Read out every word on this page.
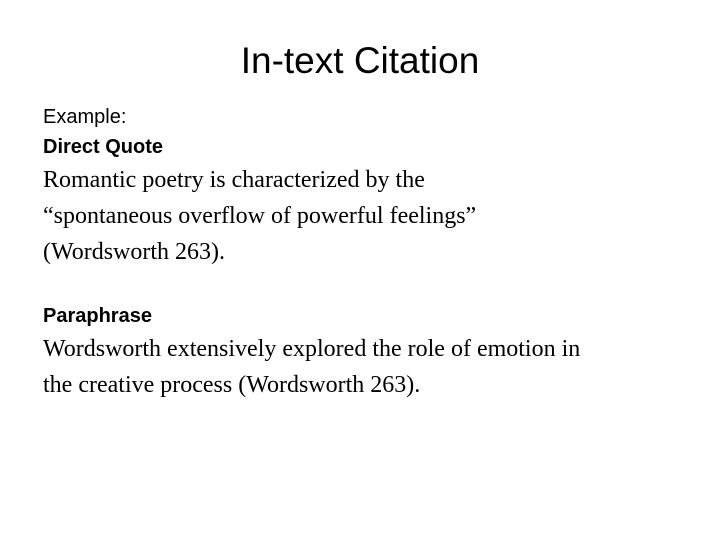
In-text Citation

Example:

Direct Quote

Romantic poetry is characterized by the

“spontaneous overflow of powerful feelings”

(Wordsworth 263).

Paraphrase

Wordsworth extensively explored the role of emotion in

the creative process (Wordsworth 263).
